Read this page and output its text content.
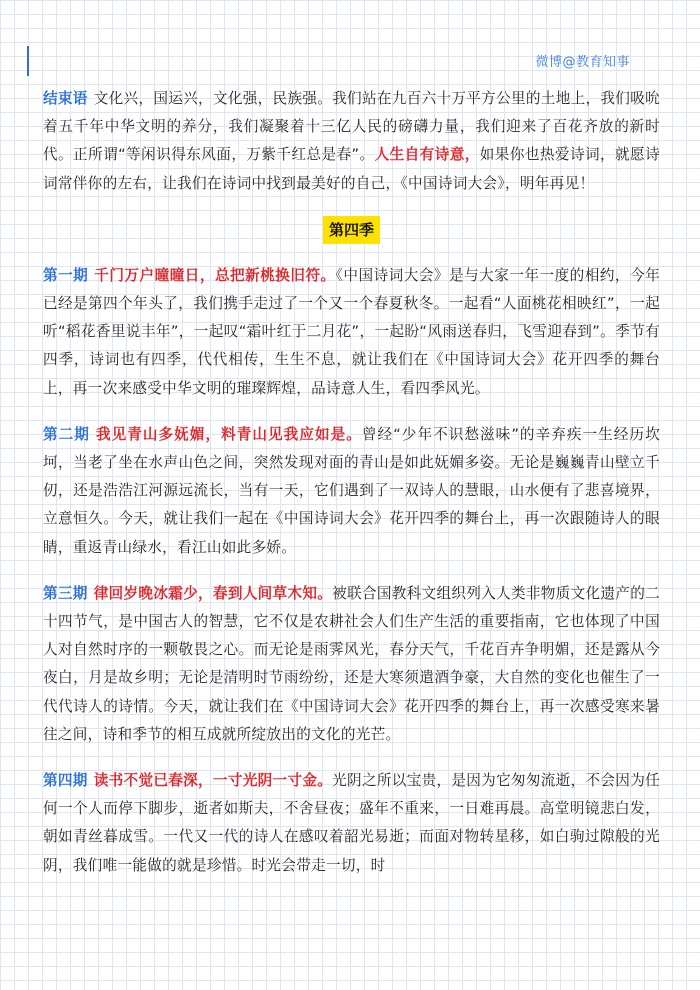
微博@教育知事

结束语 文化兴，国运兴，文化强，民族强。我们站在九百六十万平方公里的土地上，我们吸吮着五千年中华文明的养分，我们凝聚着十三亿人民的磅礴力量，我们迎来了百花齐放的新时代。正所谓“等闲识得东风面，万紫千红总是春”。人生自有诗意，如果你也热爱诗词，就愿诗词常伴你的左右，让我们在诗词中找到最美好的自己，《中国诗词大会》，明年再见！

第四季

第一期 千门万户曈曈日，总把新桃换旧符。《中国诗词大会》是与大家一年一度的相约，今年已经是第四个年头了，我们携手走过了一个又一个春夏秋冬。一起看“人面桃花相映红”，一起听“稻花香里说丰年”，一起叹“霜叶红于二月花”，一起盼“风雨送春归，飞雪迎春到”。季节有四季，诗词也有四季，代代相传，生生不息，就让我们在《中国诗词大会》花开四季的舞台上，再一次来感受中华文明的璀璨辉煌，品诗意人生，看四季风光。

第二期 我见青山多妩媚，料青山见我应如是。曾经“少年不识愁滋味”的辛弃疾一生经历坎坷，当老了坐在水声山色之间，突然发现对面的青山是如此妩媚多姿。无论是巍巍青山壁立千仞，还是浩浩江河源远流长，当有一天，它们遇到了一双诗人的慧眼，山水便有了悲喜境界，立意恒久。今天，就让我们一起在《中国诗词大会》花开四季的舞台上，再一次跟随诗人的眼睛，重返青山绿水，看江山如此多娇。

第三期 律回岁晚冰霜少，春到人间草木知。被联合国教科文组织列入人类非物质文化遗产的二十四节气，是中国古人的智慧，它不仅是农耕社会人们生产生活的重要指南，它也体现了中国人对自然时序的一颗敬畏之心。而无论是雨霁风光，春分天气，千花百卉争明媚，还是露从今夜白，月是故乡明；无论是清明时节雨纷纷，还是大寒须遣酒争豪，大自然的变化也催生了一代代诗人的诗情。今天，就让我们在《中国诗词大会》花开四季的舞台上，再一次感受寒来暑往之间，诗和季节的相互成就所绽放出的文化的光芒。

第四期 读书不觉已春深，一寸光阴一寸金。光阴之所以宝贵，是因为它匆匆流逝，不会因为任何一个人而停下脚步，逝者如斯夫，不舍昼夜；盛年不重来，一日难再晨。高堂明镜悲白发，朝如青丝暮成雪。一代又一代的诗人在感叹着韶光易逝；而面对物转星移，如白驹过隙般的光阴，我们唯一能做的就是珍惜。时光会带走一切，时
